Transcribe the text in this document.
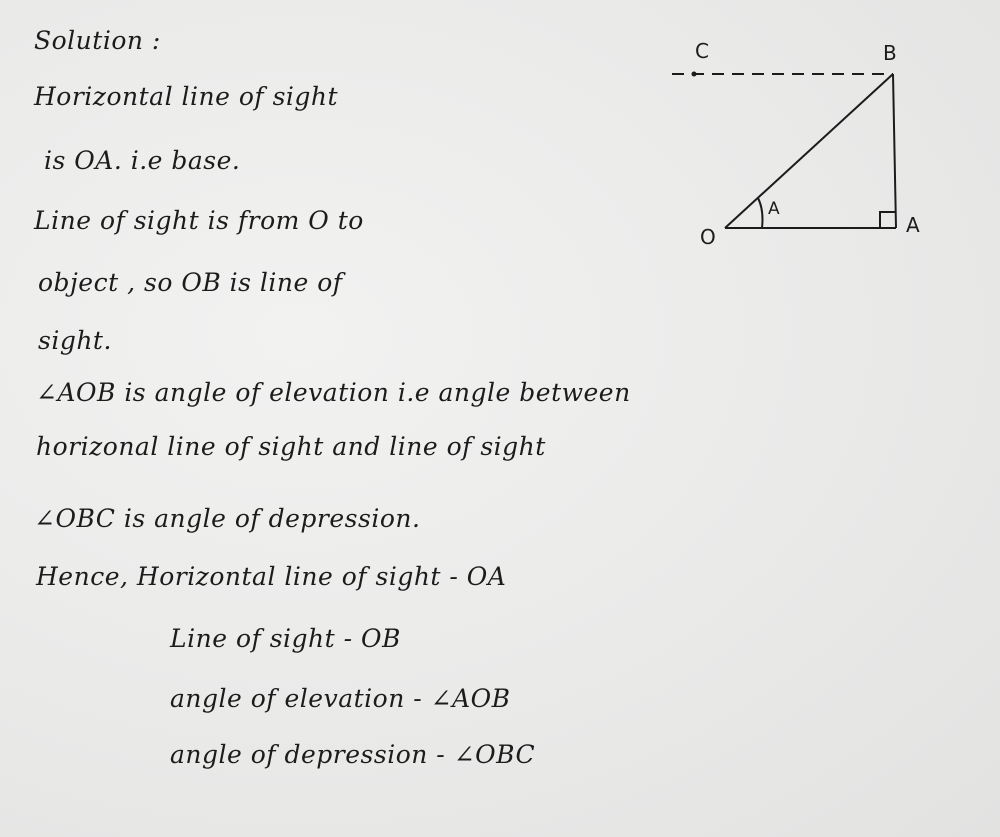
Solution :
Horizontal line of sight
is OA. i.e base.
Line of sight is from O to
object , so OB is line of
sight.
∠AOB is angle of elevation i.e angle between
horizonal line of sight and line of sight
∠OBC is angle of depression.
Hence, Horizontal line of sight - OA
Line of sight - OB
angle of elevation - ∠AOB
angle of depression - ∠OBC
C	B
O	A
A
